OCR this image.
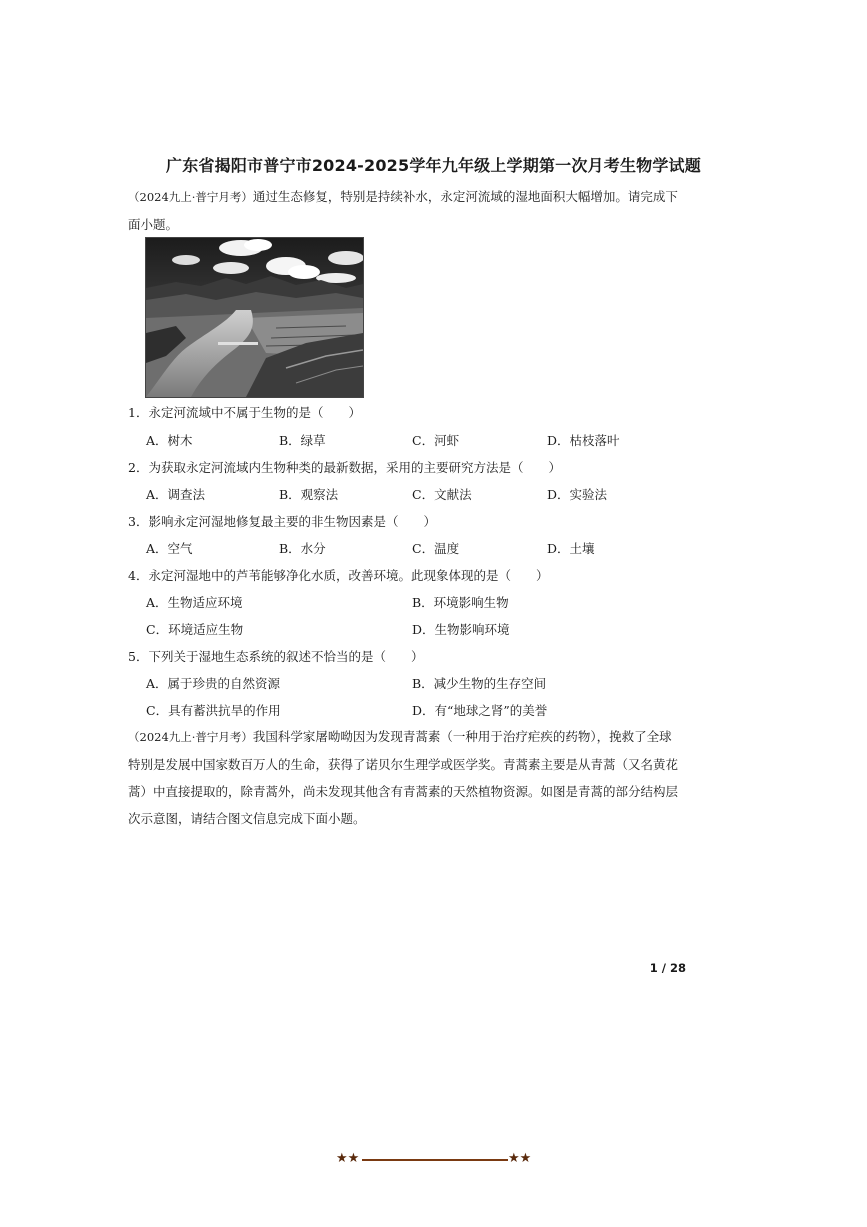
广东省揭阳市普宁市2024-2025学年九年级上学期第一次月考生物学试题
（2024九上·普宁月考）通过生态修复，特别是持续补水，永定河流域的湿地面积大幅增加。请完成下
面小题。
1．永定河流域中不属于生物的是（　　）
A．树木	B．绿草	C．河虾	D．枯枝落叶
2．为获取永定河流域内生物种类的最新数据，采用的主要研究方法是（　　）
A．调查法	B．观察法	C．文献法	D．实验法
3．影响永定河湿地修复最主要的非生物因素是（　　）
A．空气	B．水分	C．温度	D．土壤
4．永定河湿地中的芦苇能够净化水质，改善环境。此现象体现的是（　　）
A．生物适应环境	B．环境影响生物
C．环境适应生物	D．生物影响环境
5．下列关于湿地生态系统的叙述不恰当的是（　　）
A．属于珍贵的自然资源	B．减少生物的生存空间
C．具有蓄洪抗旱的作用	D．有“地球之肾”的美誉
（2024九上·普宁月考）我国科学家屠呦呦因为发现青蒿素（一种用于治疗疟疾的药物），挽救了全球
特别是发展中国家数百万人的生命，获得了诺贝尔生理学或医学奖。青蒿素主要是从青蒿（又名黄花
蒿）中直接提取的，除青蒿外，尚未发现其他含有青蒿素的天然植物资源。如图是青蒿的部分结构层
次示意图，请结合图文信息完成下面小题。
1 / 28
★★	★★
